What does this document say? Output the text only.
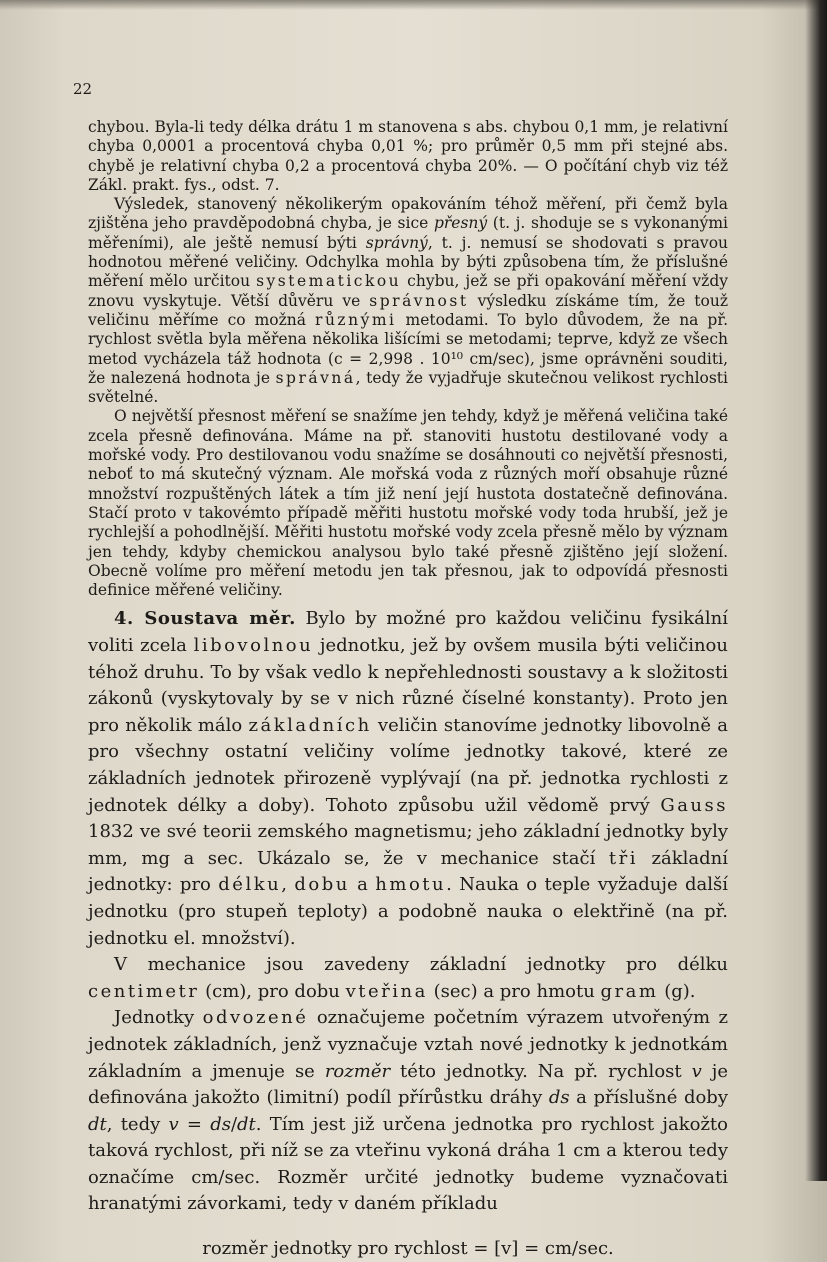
22

chybou. Byla-li tedy délka drátu 1 m stanovena s abs. chybou 0,1 mm, je relativní chyba 0,0001 a procentová chyba 0,01 %; pro průměr 0,5 mm při stejné abs. chybě je relativní chyba 0,2 a procentová chyba 20%. — O počítání chyb viz též Zákl. prakt. fys., odst. 7.

Výsledek, stanovený několikerým opakováním téhož měření, při čemž byla zjištěna jeho pravděpodobná chyba, je sice přesný (t. j. shoduje se s vykonanými měřeními), ale ještě nemusí býti správný, t. j. nemusí se shodovati s pravou hodnotou měřené veličiny. Odchylka mohla by býti způsobena tím, že příslušné měření mělo určitou systematickou chybu, jež se při opakování měření vždy znovu vyskytuje. Větší důvěru ve správnost výsledku získáme tím, že touž veličinu měříme co možná různými metodami. To bylo důvodem, že na př. rychlost světla byla měřena několika lišícími se metodami; teprve, když ze všech metod vycházela táž hodnota (c = 2,998 . 10¹⁰ cm/sec), jsme oprávněni souditi, že nalezená hodnota je správná, tedy že vyjadřuje skutečnou velikost rychlosti světelné.

O největší přesnost měření se snažíme jen tehdy, když je měřená veličina také zcela přesně definována. Máme na př. stanoviti hustotu destilované vody a mořské vody. Pro destilovanou vodu snažíme se dosáhnouti co největší přesnosti, neboť to má skutečný význam. Ale mořská voda z různých moří obsahuje různé množství rozpuštěných látek a tím již není její hustota dostatečně definována. Stačí proto v takovémto případě měřiti hustotu mořské vody toda hrubší, jež je rychlejší a pohodlnější. Měřiti hustotu mořské vody zcela přesně mělo by význam jen tehdy, kdyby chemickou analysou bylo také přesně zjištěno její složení. Obecně volíme pro měření metodu jen tak přesnou, jak to odpovídá přesnosti definice měřené veličiny.

4. Soustava měr. Bylo by možné pro každou veličinu fysikální voliti zcela libovolnou jednotku, jež by ovšem musila býti veličinou téhož druhu. To by však vedlo k nepřehlednosti soustavy a k složitosti zákonů (vyskytovaly by se v nich různé číselné konstanty). Proto jen pro několik málo základních veličin stanovíme jednotky libovolně a pro všechny ostatní veličiny volíme jednotky takové, které ze základních jednotek přirozeně vyplývají (na př. jednotka rychlosti z jednotek délky a doby). Tohoto způsobu užil vědomě prvý Gauss 1832 ve své teorii zemského magnetismu; jeho základní jednotky byly mm, mg a sec. Ukázalo se, že v mechanice stačí tři základní jednotky: pro délku, dobu a hmotu. Nauka o teple vyžaduje další jednotku (pro stupeň teploty) a podobně nauka o elektřině (na př. jednotku el. množství).

V mechanice jsou zavedeny základní jednotky pro délku centimetr (cm), pro dobu vteřina (sec) a pro hmotu gram (g).

Jednotky odvozené označujeme početním výrazem utvořeným z jednotek základních, jenž vyznačuje vztah nové jednotky k jednotkám základním a jmenuje se rozměr této jednotky. Na př. rychlost v je definována jakožto (limitní) podíl přírůstku dráhy ds a příslušné doby dt, tedy v = ds/dt. Tím jest již určena jednotka pro rychlost jakožto taková rychlost, při níž se za vteřinu vykoná dráha 1 cm a kterou tedy označíme cm/sec. Rozměr určité jednotky budeme vyznačovati hranatými závorkami, tedy v daném příkladu

rozměr jednotky pro rychlost = [v] = cm/sec.
